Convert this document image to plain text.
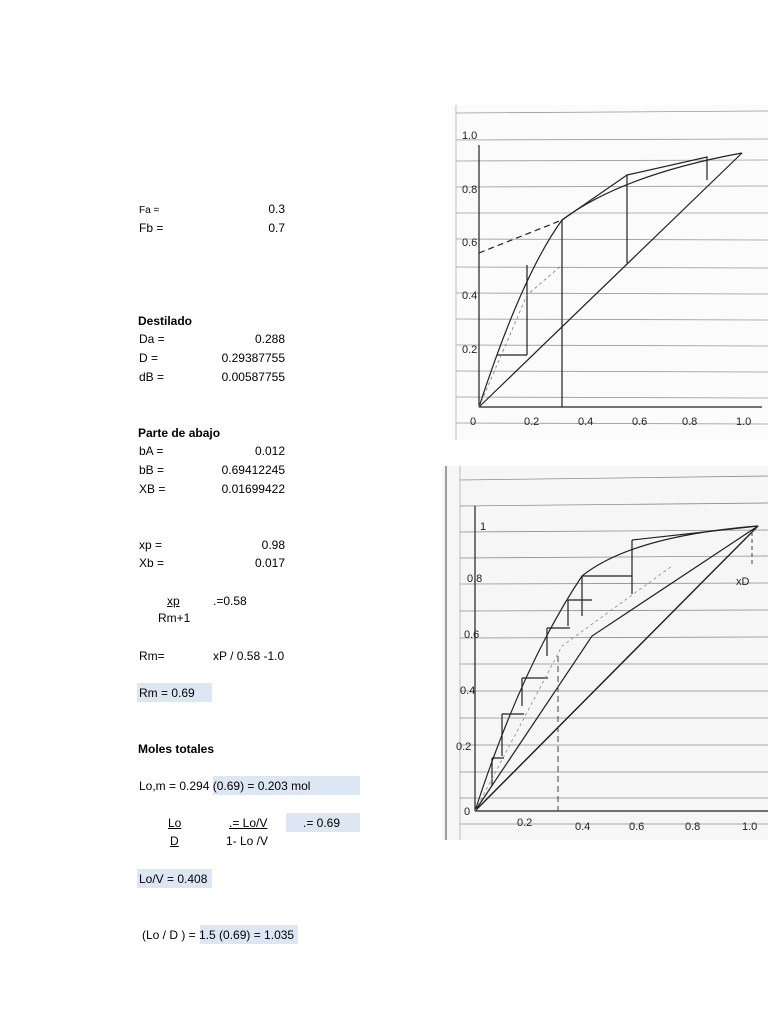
Fa =	0.3
Fb =	0.7
Destilado
Da =	0.288
D =	0.29387755
dB =	0.00587755
Parte de abajo
bA =	0.012
bB =	0.69412245
XB =	0.01699422
xp =	0.98
Xb =	0.017
xp
Rm+1
.=0.58
Rm=	xP / 0.58 -1.0
Rm = 0.69
Moles totales
Lo,m = 0.294 (0.69) = 0.203 mol
Lo
D
.= Lo/V
1- Lo /V
.= 0.69
Lo/V = 0.408
(Lo / D ) = 1.5 (0.69) = 1.035
1.0
0.8
0.6
0.4
0.2
0	0.2	0.4	0.6	0.8	1.0
1
0.8
0.6
0.4
0.2
0
0.2	0.4	0.6	0.8	1.0
xD
